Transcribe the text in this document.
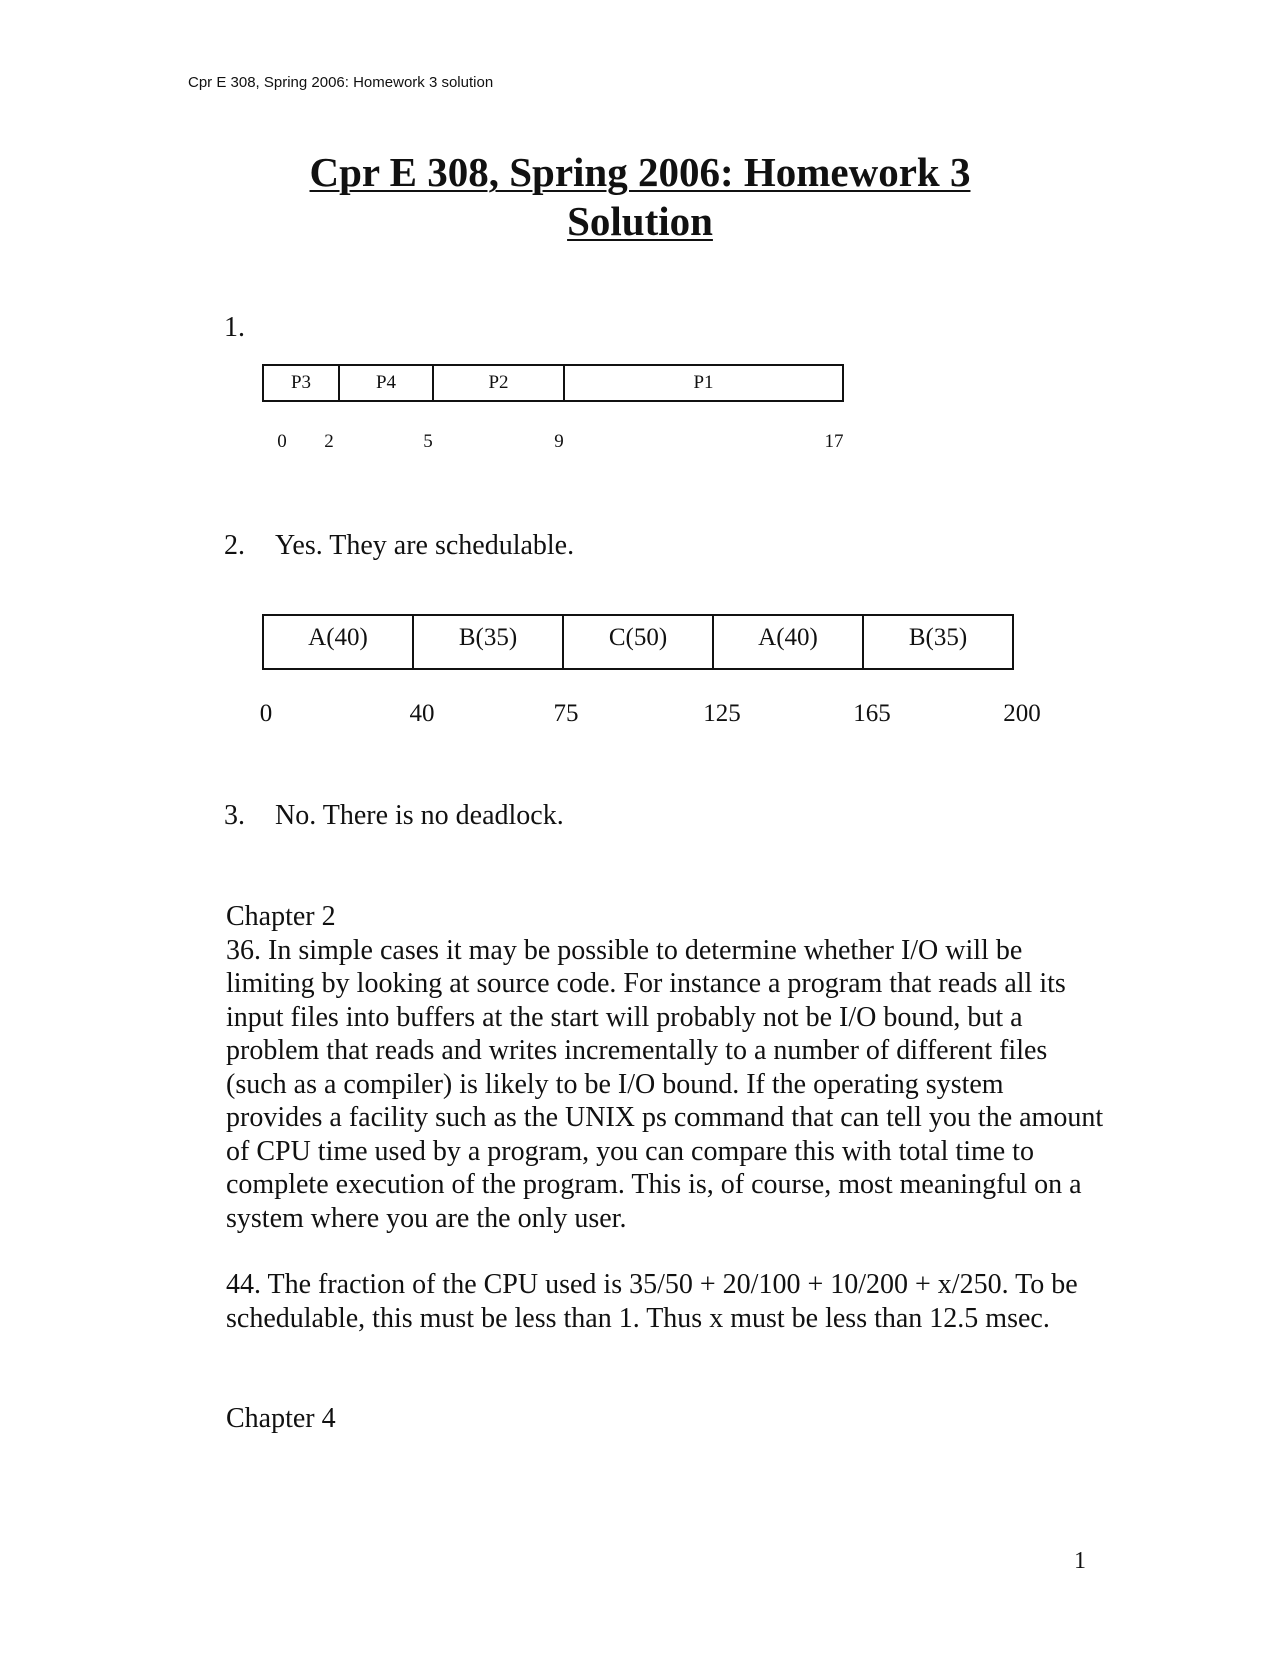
Cpr E 308, Spring 2006: Homework 3 solution
Cpr E 308, Spring 2006: Homework 3
Solution
1.
P3	P4	P2	P1
0 2	5	9	17
2. Yes. They are schedulable.
A(40)	B(35)	C(50)	A(40)	B(35)
0	40	75	125	165	200
3. No. There is no deadlock.

Chapter 2

36. In simple cases it may be possible to determine whether I/O will be limiting by looking at source code. For instance a program that reads all its input files into buffers at the start will probably not be I/O bound, but a problem that reads and writes incrementally to a number of different files (such as a compiler) is likely to be I/O bound. If the operating system provides a facility such as the UNIX ps command that can tell you the amount of CPU time used by a program, you can compare this with total time to complete execution of the program. This is, of course, most meaningful on a system where you are the only user.

44. The fraction of the CPU used is 35/50 + 20/100 + 10/200 + x/250. To be schedulable, this must be less than 1. Thus x must be less than 12.5 msec.

Chapter 4

1
